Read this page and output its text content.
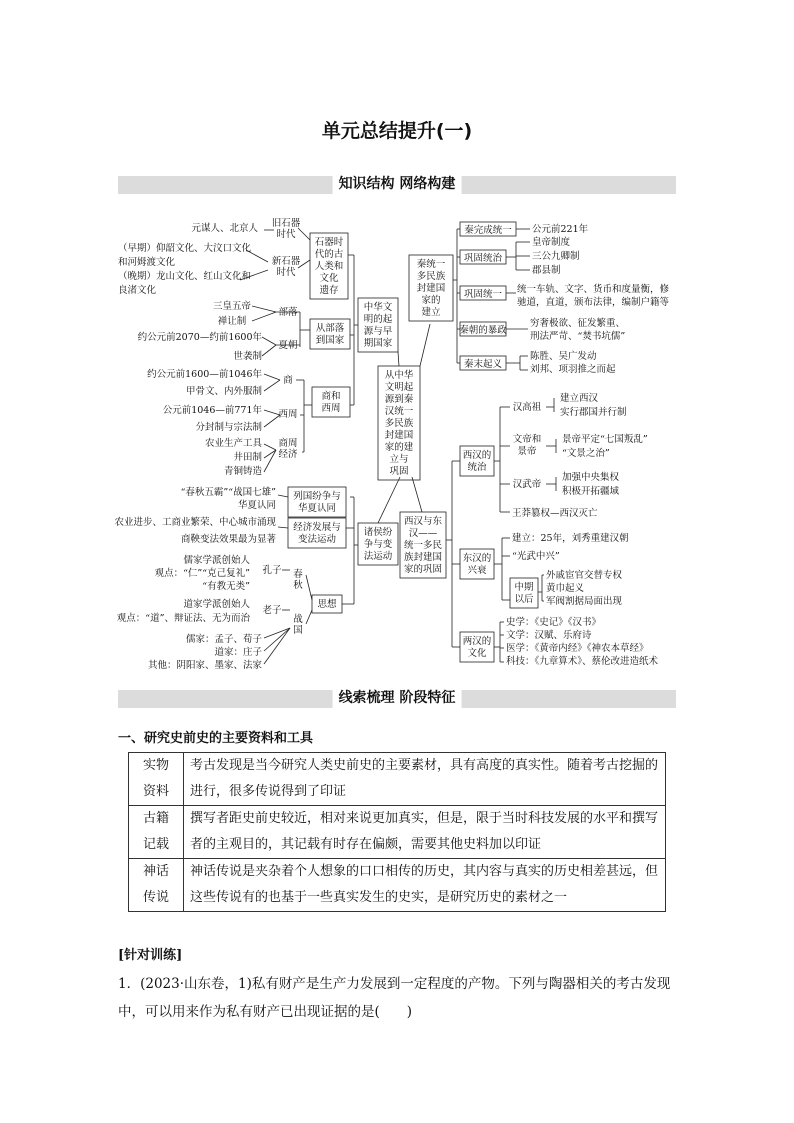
单元总结提升(一)
知识结构 网络构建
石器时
代的古
人类和
文化
遗存
旧石器
时代
新石器
时代
元谋人、北京人
（早期）仰韶文化、大汶口文化
和河姆渡文化
（晚期）龙山文化、红山文化和
良渚文化
从部落
到国家
部落
夏朝
三皇五帝
禅让制
约公元前2070—约前1600年
世袭制
商和
西周
商
西周
商周
经济
约公元前1600—前1046年
甲骨文、内外服制
公元前1046—前771年
分封制与宗法制
农业生产工具
井田制
青铜铸造
中华文
明的起
源与早
期国家
从中华
文明起
源到秦
汉统一
多民族
封建国
家的建
立与
巩固
秦统一
多民族
封建国
家的
建立
秦完成统一
巩固统治
巩固统一
秦朝的暴政
秦末起义
公元前221年
皇帝制度
三公九卿制
郡县制
统一车轨、文字、货币和度量衡，修
驰道，直道，颁布法律，编制户籍等
穷奢极欲、征发繁重、
刑法严苛、“焚书坑儒”
陈胜、吴广发动
刘邦、项羽推之而起
诸侯纷
争与变
法运动
列国纷争与
华夏认同
经济发展与
变法运动
思想
“春秋五霸”“战国七雄”
华夏认同
农业进步、工商业繁荣、中心城市涌现
商鞅变法效果最为显著
春
秋
战
国
孔子
儒家学派创始人
观点：“仁”“克己复礼”
“有教无类”
老子
道家学派创始人
观点：“道”、辩证法、无为而治
儒家：孟子、荀子
道家：庄子
其他：阴阳家、墨家、法家
西汉与东
汉——
统一多民
族封建国
家的巩固
西汉的
统治
东汉的
兴衰
两汉的
文化
汉高祖
文帝和
景帝
汉武帝
建立西汉
实行郡国并行制
景帝平定“七国叛乱”
“文景之治”
加强中央集权
积极开拓疆域
王莽篡权—西汉灭亡
建立：25年，刘秀重建汉朝
“光武中兴”
中期
以后
外戚宦官交替专权
黄巾起义
军阀割据局面出现
史学：《史记》《汉书》
文学：汉赋、乐府诗
医学：《黄帝内经》《神农本草经》
科技：《九章算术》、蔡伦改进造纸术
线索梳理 阶段特征
一、研究史前史的主要资料和工具
实物
资料	考古发现是当今研究人类史前史的主要素材，具有高度的真实性。随着考古挖掘的进行，很多传说得到了印证

古籍
记载	撰写者距史前史较近，相对来说更加真实，但是，限于当时科技发展的水平和撰写者的主观目的，其记载有时存在偏颇，需要其他史料加以印证

神话
传说	神话传说是夹杂着个人想象的口口相传的历史，其内容与真实的历史相差甚远，但这些传说有的也基于一些真实发生的史实，是研究历史的素材之一
[针对训练]
1．(2023·山东卷，1)私有财产是生产力发展到一定程度的产物。下列与陶器相关的考古发现中，可以用来作为私有财产已出现证据的是(　　)
